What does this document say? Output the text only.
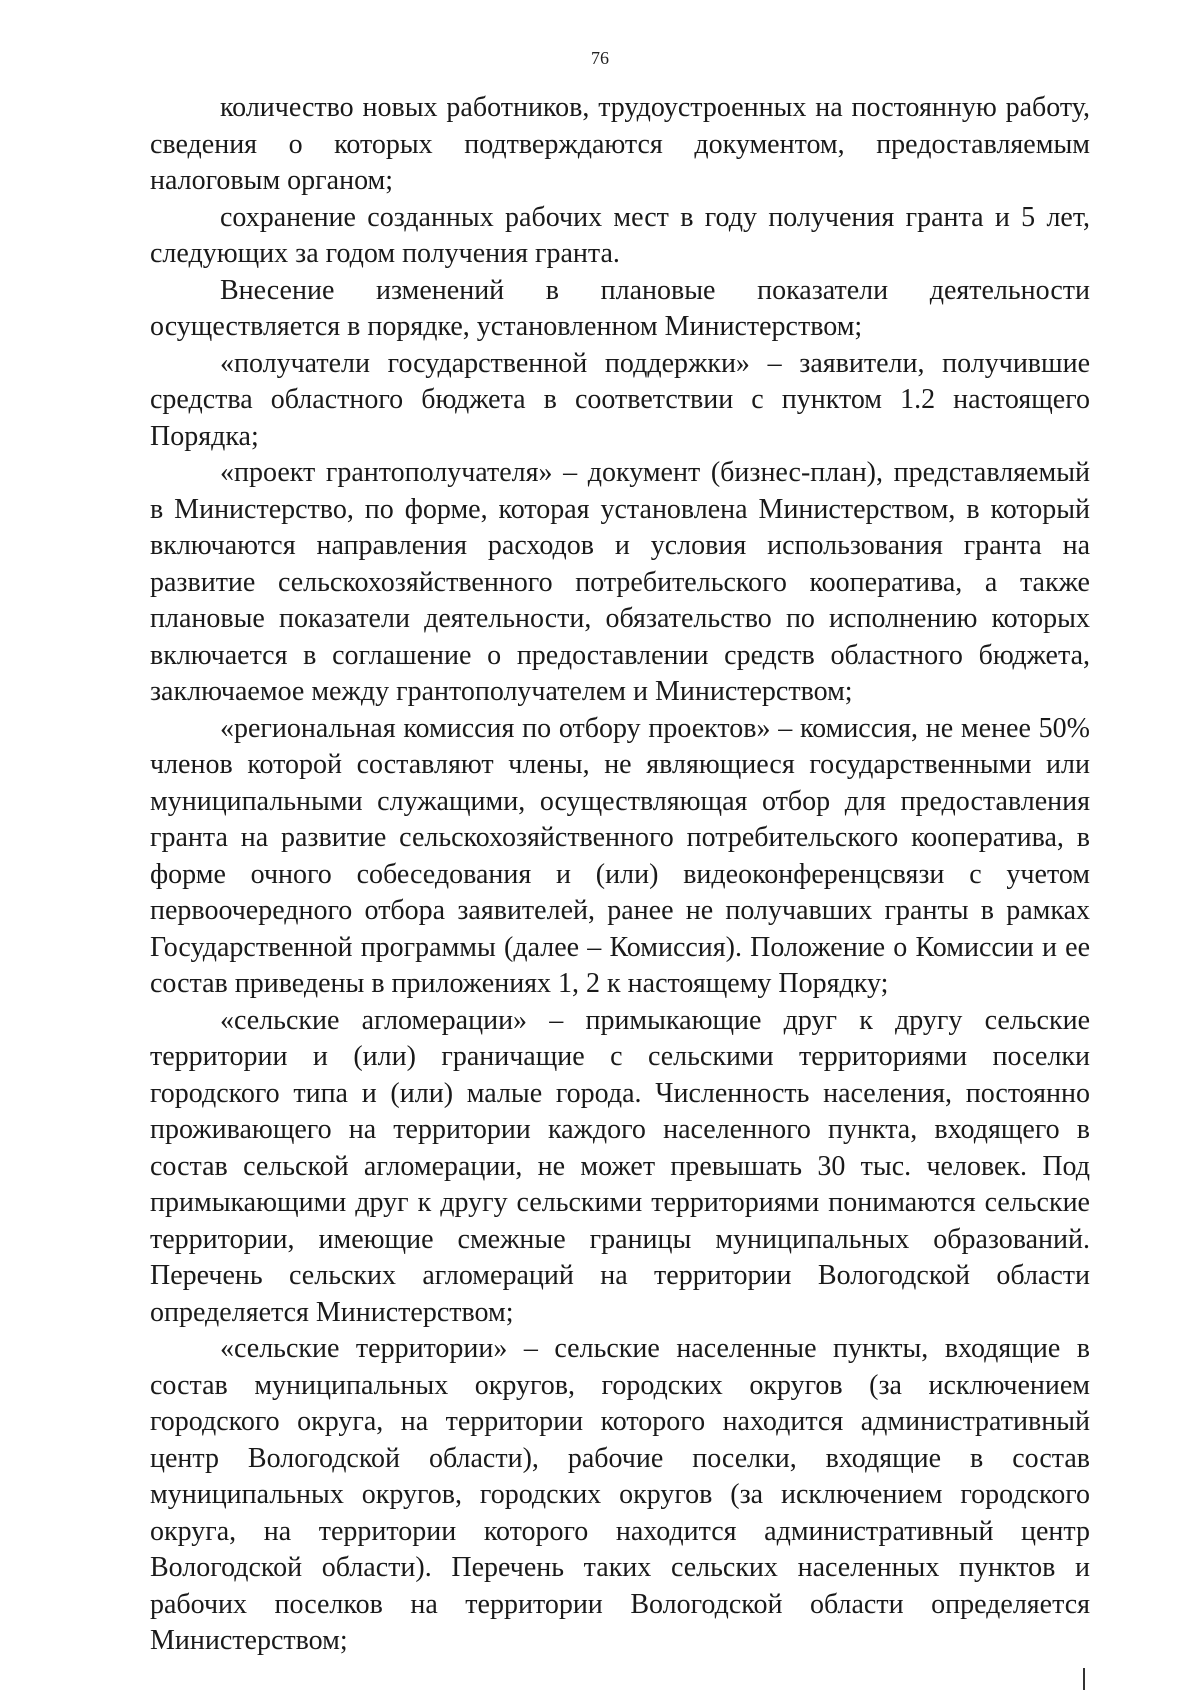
76

количество новых работников, трудоустроенных на постоянную работу, сведения о которых подтверждаются документом, предоставляемым налоговым органом;

сохранение созданных рабочих мест в году получения гранта и 5 лет, следующих за годом получения гранта.

Внесение изменений в плановые показатели деятельности осуществляется в порядке, установленном Министерством;

«получатели государственной поддержки» – заявители, получившие средства областного бюджета в соответствии с пунктом 1.2 настоящего Порядка;

«проект грантополучателя» – документ (бизнес-план), представляемый в Министерство, по форме, которая установлена Министерством, в который включаются направления расходов и условия использования гранта на развитие сельскохозяйственного потребительского кооператива, а также плановые показатели деятельности, обязательство по исполнению которых включается в соглашение о предоставлении средств областного бюджета, заключаемое между грантополучателем и Министерством;

«региональная комиссия по отбору проектов» – комиссия, не менее 50% членов которой составляют члены, не являющиеся государственными или муниципальными служащими, осуществляющая отбор для предоставления гранта на развитие сельскохозяйственного потребительского кооператива, в форме очного собеседования и (или) видеоконференцсвязи с учетом первоочередного отбора заявителей, ранее не получавших гранты в рамках Государственной программы (далее – Комиссия). Положение о Комиссии и ее состав приведены в приложениях 1, 2 к настоящему Порядку;

«сельские агломерации» – примыкающие друг к другу сельские территории и (или) граничащие с сельскими территориями поселки городского типа и (или) малые города. Численность населения, постоянно проживающего на территории каждого населенного пункта, входящего в состав сельской агломерации, не может превышать 30 тыс. человек. Под примыкающими друг к другу сельскими территориями понимаются сельские территории, имеющие смежные границы муниципальных образований. Перечень сельских агломераций на территории Вологодской области определяется Министерством;

«сельские территории» – сельские населенные пункты, входящие в состав муниципальных округов, городских округов (за исключением городского округа, на территории которого находится административный центр Вологодской области), рабочие поселки, входящие в состав муниципальных округов, городских округов (за исключением городского округа, на территории которого находится административный центр Вологодской области). Перечень таких сельских населенных пунктов и рабочих поселков на территории Вологодской области определяется Министерством;
